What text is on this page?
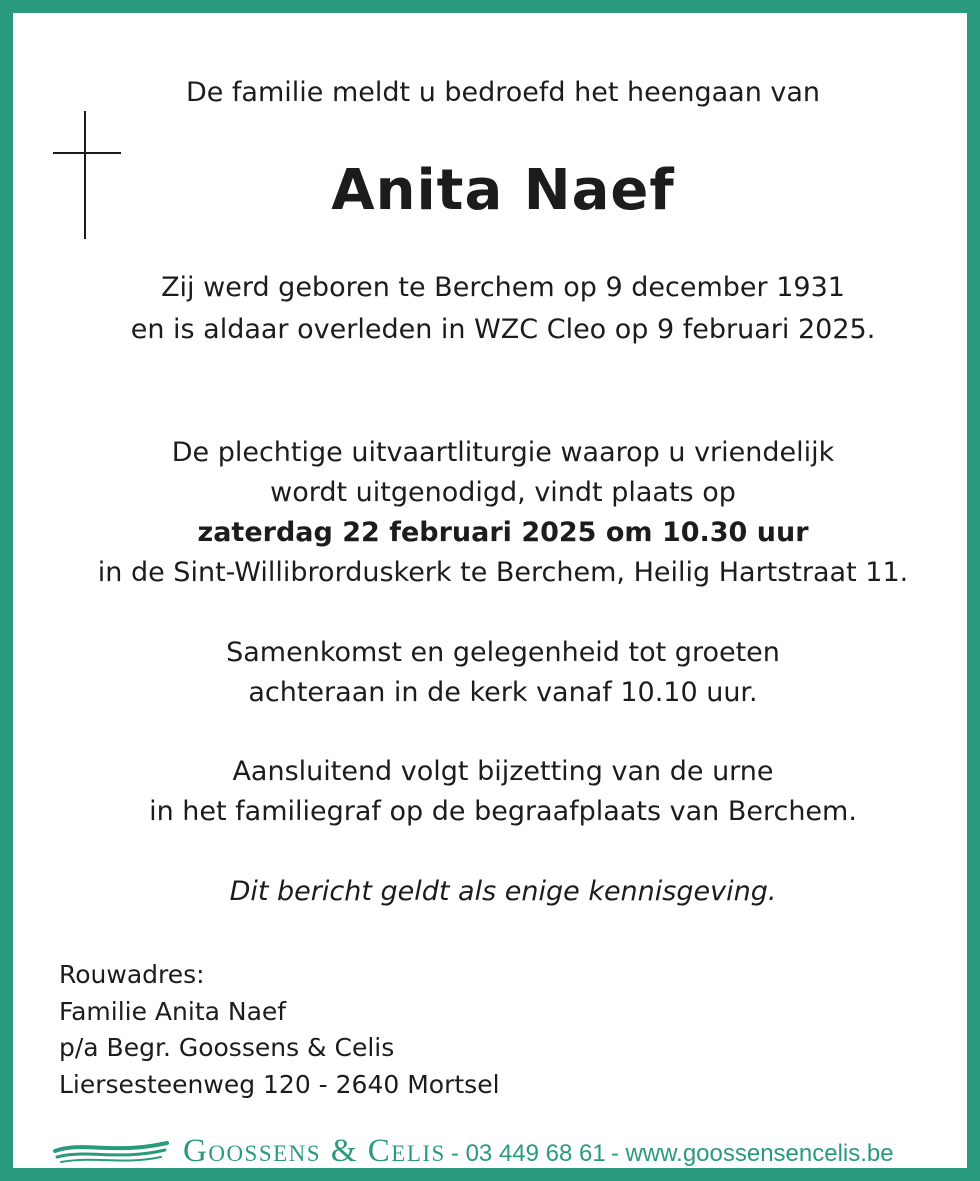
De familie meldt u bedroefd het heengaan van
Anita Naef
Zij werd geboren te Berchem op 9 december 1931
en is aldaar overleden in WZC Cleo op 9 februari 2025.
De plechtige uitvaartliturgie waarop u vriendelijk
wordt uitgenodigd, vindt plaats op
zaterdag 22 februari 2025 om 10.30 uur
in de Sint-Willibrorduskerk te Berchem, Heilig Hartstraat 11.
Samenkomst en gelegenheid tot groeten
achteraan in de kerk vanaf 10.10 uur.
Aansluitend volgt bijzetting van de urne
in het familiegraf op de begraafplaats van Berchem.
Dit bericht geldt als enige kennisgeving.
Rouwadres:
Familie Anita Naef
p/a Begr. Goossens & Celis
Liersesteenweg 120 - 2640 Mortsel
Goossens & Celis - 03 449 68 61 - www.goossensencelis.be
